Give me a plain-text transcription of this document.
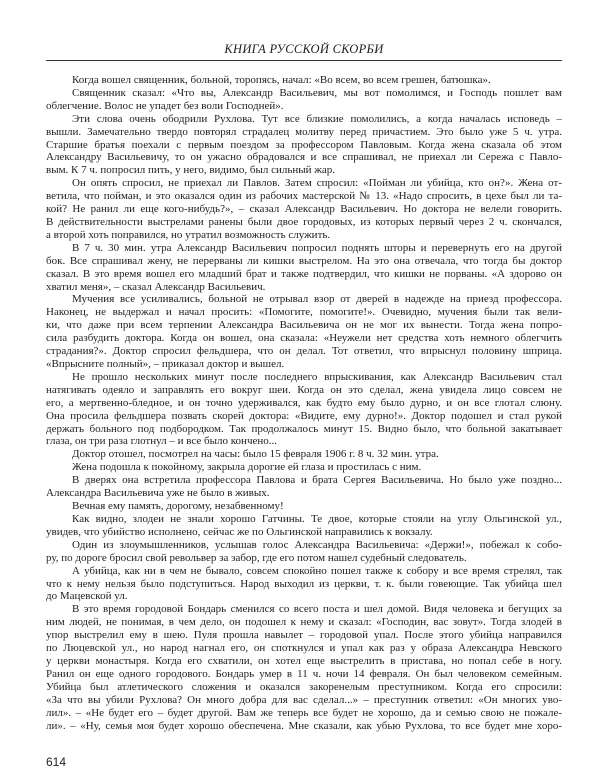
КНИГА РУССКОЙ СКОРБИ
Когда вошел священник, больной, торопясь, начал: «Во всем, во всем грешен, батюшка».
Священник сказал: «Что вы, Александр Васильевич, мы вот помолимся, и Господь пошлет вам
облегчение. Волос не упадет без воли Господней».
Эти слова очень ободрили Рухлова. Тут все близкие помолились, а когда началась исповедь –
вышли. Замечательно твердо повторял страдалец молитву перед причастием. Это было уже 5 ч. утра.
Старшие братья поехали с первым поездом за профессором Павловым. Когда жена сказала об этом
Александру Васильевичу, то он ужасно обрадовался и все спрашивал, не приехал ли Сережа с Павло-
вым. К 7 ч. попросил пить, у него, видимо, был сильный жар.
Он опять спросил, не приехал ли Павлов. Затем спросил: «Пойман ли убийца, кто он?». Жена от-
ветила, что пойман, и это оказался один из рабочих мастерской № 13. «Надо спросить, в цехе был ли та-
кой? Не ранил ли еще кого-нибудь?», – сказал Александр Васильевич. Но доктора не велели говорить.
В действительности выстрелами ранены были двое городовых, из которых первый через 2 ч. скончался,
а второй хоть поправился, но утратил возможность служить.
В 7 ч. 30 мин. утра Александр Васильевич попросил поднять шторы и перевернуть его на другой
бок. Все спрашивал жену, не перерваны ли кишки выстрелом. На это она отвечала, что тогда бы доктор
сказал. В это время вошел его младший брат и также подтвердил, что кишки не порваны. «А здорово он
хватил меня», – сказал Александр Васильевич.
Мучения все усиливались, больной не отрывал взор от дверей в надежде на приезд профессора.
Наконец, не выдержал и начал просить: «Помогите, помогите!». Очевидно, мучения были так вели-
ки, что даже при всем терпении Александра Васильевича он не мог их вынести. Тогда жена попро-
сила разбудить доктора. Когда он вошел, она сказала: «Неужели нет средства хоть немного облегчить
страдания?». Доктор спросил фельдшера, что он делал. Тот ответил, что впрыснул половину шприца.
«Впрысните полный», – приказал доктор и вышел.
Не прошло нескольких минут после последнего впрыскивания, как Александр Васильевич стал
натягивать одеяло и заправлять его вокруг шеи. Когда он это сделал, жена увидела лицо совсем не
его, а мертвенно-бледное, и он точно удерживался, как будто ему было дурно, и он все глотал слюну.
Она просила фельдшера позвать скорей доктора: «Видите, ему дурно!». Доктор подошел и стал рукой
держать больного под подбородком. Так продолжалось минут 15. Видно было, что больной закатывает
глаза, он три раза глотнул – и все было кончено...
Доктор отошел, посмотрел на часы: было 15 февраля 1906 г. 8 ч. 32 мин. утра.
Жена подошла к покойному, закрыла дорогие ей глаза и простилась с ним.
В дверях она встретила профессора Павлова и брата Сергея Васильевича. Но было уже поздно...
Александра Васильевича уже не было в живых.
Вечная ему память, дорогому, незабвенному!
Как видно, злодеи не знали хорошо Гатчины. Те двое, которые стояли на углу Ольгинской ул.,
увидев, что убийство исполнено, сейчас же по Ольгинской направились к вокзалу.
Один из злоумышленников, услышав голос Александра Васильевича: «Держи!», побежал к собо-
ру, по дороге бросил свой револьвер за забор, где его потом нашел судебный следователь.
А убийца, как ни в чем не бывало, совсем спокойно пошел также к собору и все время стрелял, так
что к нему нельзя было подступиться. Народ выходил из церкви, т. к. были говеющие. Так убийца шел
до Мацевской ул.
В это время городовой Бондарь сменился со всего поста и шел домой. Видя человека и бегущих за
ним людей, не понимая, в чем дело, он подошел к нему и сказал: «Господин, вас зовут». Тогда злодей в
упор выстрелил ему в шею. Пуля прошла навылет – городовой упал. После этого убийца направился
по Люцевской ул., но народ нагнал его, он споткнулся и упал как раз у образа Александра Невского
у церкви монастыря. Когда его схватили, он хотел еще выстрелить в пристава, но попал себе в ногу.
Ранил он еще одного городового. Бондарь умер в 11 ч. ночи 14 февраля. Он был человеком семейным.
Убийца был атлетического сложения и оказался закоренелым преступником. Когда его спросили:
«За что вы убили Рухлова? Он много добра для вас сделал...» – преступник ответил: «Он многих уво-
лил». – «Не будет его – будет другой. Вам же теперь все будет не хорошо, да и семью свою не пожале-
ли». – «Ну, семья моя будет хорошо обеспечена. Мне сказали, как убью Рухлова, то все будет мне хоро-
614
